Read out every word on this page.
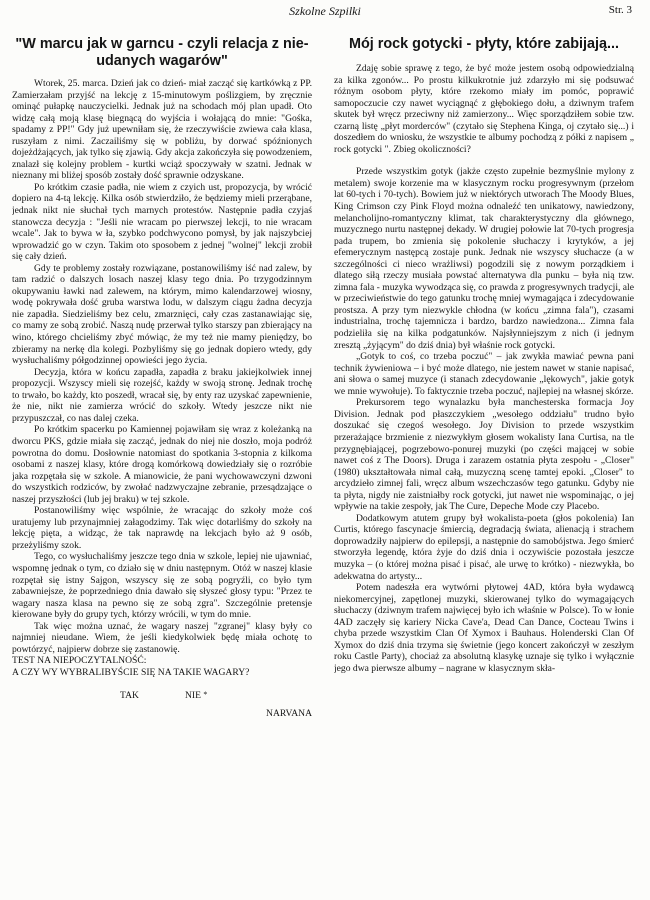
Szkolne Szpilki	Str. 3
"W marcu jak w garncu - czyli relacja z nie-udanych wagarów"

Wtorek, 25. marca. Dzień jak co dzień- miał zacząć się kartkówką z PP. Zamierzałam przyjść na lekcję z 15-minutowym poślizgiem, by zręcznie ominąć pułapkę nauczycielki. Jednak już na schodach mój plan upadł. Oto widzę całą moją klasę biegnącą do wyjścia i wołającą do mnie: "Gośka, spadamy z PP!" Gdy już upewniłam się, że rzeczywiście zwiewa cała klasa, ruszyłam z nimi. Zaczailiśmy się w pobliżu, by dorwać spóźnionych dojeżdżających, jak tylko się zjawią. Gdy akcja zakończyła się powodzeniem, znalazł się kolejny problem - kurtki wciąż spoczywały w szatni. Jednak w nieznany mi bliżej sposób zostały dość sprawnie odzyskane.

Po krótkim czasie padła, nie wiem z czyich ust, propozycja, by wrócić dopiero na 4-tą lekcję. Kilka osób stwierdziło, że będziemy mieli przerąbane, jednak nikt nie słuchał tych marnych protestów. Następnie padła czyjaś stanowcza decyzja : "Jeśli nie wracam po pierwszej lekcji, to nie wracam wcale". Jak to bywa w ła, szybko podchwycono pomysł, by jak najszybciej wprowadzić go w czyn. Takim oto sposobem z jednej "wolnej" lekcji zrobił się cały dzień.

Gdy te problemy zostały rozwiązane, postanowiliśmy iść nad zalew, by tam radzić o dalszych losach naszej klasy tego dnia. Po trzygodzinnym okupywaniu ławki nad zalewem, na którym, mimo kalendarzowej wiosny, wodę pokrywała dość gruba warstwa lodu, w dalszym ciągu żadna decyzja nie zapadła. Siedzieliśmy bez celu, zmarznięci, cały czas zastanawiając się, co mamy ze sobą zrobić. Naszą nudę przerwał tylko starszy pan zbierający na wino, którego chcieliśmy zbyć mówiąc, że my też nie mamy pieniędzy, bo zbieramy na nerkę dla kolegi. Pozbyliśmy się go jednak dopiero wtedy, gdy wysłuchaliśmy półgodzinnej opowieści jego życia.

Decyzja, która w końcu zapadła, zapadła z braku jakiejkolwiek innej propozycji. Wszyscy mieli się rozejść, każdy w swoją stronę. Jednak trochę to trwało, bo każdy, kto poszedł, wracał się, by enty raz uzyskać zapewnienie, że nie, nikt nie zamierza wrócić do szkoły. Wtedy jeszcze nikt nie przypuszczał, co nas dalej czeka.

Po krótkim spacerku po Kamiennej pojawiłam się wraz z koleżanką na dworcu PKS, gdzie miała się zacząć, jednak do niej nie doszło, moja podróż powrotna do domu. Dosłownie natomiast do spotkania 3-stopnia z kilkoma osobami z naszej klasy, które drogą komórkową dowiedziały się o rozróbie jaka rozpętała się w szkole. A mianowicie, że pani wychowawczyni dzwoni do wszystkich rodziców, by zwołać nadzwyczajne zebranie, przesądzające o naszej przyszłości (lub jej braku) w tej szkole.

Postanowiliśmy więc wspólnie, że wracając do szkoły może coś uratujemy lub przynajmniej załagodzimy. Tak więc dotarliśmy do szkoły na lekcję pięta, a widząc, że tak naprawdę na lekcjach było aż 9 osób, przeżyliśmy szok.

Tego, co wysłuchaliśmy jeszcze tego dnia w szkole, lepiej nie ujawniać, wspomnę jednak o tym, co działo się w dniu następnym. Otóż w naszej klasie rozpętał się istny Sajgon, wszyscy się ze sobą pogryźli, co było tym zabawniejsze, że poprzedniego dnia dawało się słyszeć głosy typu: "Przez te wagary nasza klasa na pewno się ze sobą zgra". Szczególnie pretensje kierowane były do grupy tych, którzy wrócili, w tym do mnie.

Tak więc można uznać, że wagary naszej "zgranej" klasy były co najmniej nieudane. Wiem, że jeśli kiedykolwiek będę miała ochotę to powtórzyć, najpierw dobrze się zastanowię.

TEST NA NIEPOCZYTALNOŚĆ:

A CZY WY WYBRALIBYŚCIE SIĘ NA TAKIE WAGARY?

TAK	NIE *
NARVANA
Mój rock gotycki - płyty, które zabijają...

Zdaję sobie sprawę z tego, że być może jestem osobą odpowiedzialną za kilka zgonów... Po prostu kilkukrotnie już zdarzyło mi się podsuwać różnym osobom płyty, które rzekomo miały im pomóc, poprawić samopoczucie czy nawet wyciągnąć z głębokiego dołu, a dziwnym trafem skutek był wręcz przeciwny niż zamierzony... Więc sporządziłem sobie tzw. czarną listę „płyt morderców" (czytało się Stephena Kinga, oj czytało się...) i doszedłem do wniosku, że wszystkie te albumy pochodzą z półki z napisem „ rock gotycki ". Zbieg okoliczności?

Przede wszystkim gotyk (jakże często zupełnie bezmyślnie mylony z metalem) swoje korzenie ma w klasycznym rocku progresywnym (przełom lat 60-tych i 70-tych). Bowiem już w niektórych utworach The Moody Blues, King Crimson czy Pink Floyd można odnaleźć ten unikatowy, nawiedzony, melancholijno-romantyczny klimat, tak charakterystyczny dla głównego, muzycznego nurtu następnej dekady. W drugiej połowie lat 70-tych progresja pada trupem, bo zmienia się pokolenie słuchaczy i krytyków, a jej efemerycznym następcą zostaje punk. Jednak nie wszyscy słuchacze (a w szczególności ci nieco wrażliwsi) pogodzili się z nowym porządkiem i dlatego siłą rzeczy musiała powstać alternatywa dla punku – była nią tzw. zimna fala - muzyka wywodząca się, co prawda z progresywnych tradycji, ale w przeciwieństwie do tego gatunku trochę mniej wymagająca i zdecydowanie prostsza. A przy tym niezwykle chłodna (w końcu „zimna fala"), czasami industrialna, trochę tajemnicza i bardzo, bardzo nawiedzona... Zimna fala podzieliła się na kilka podgatunków. Najsłynniejszym z nich (i jednym zresztą „żyjącym" do dziś dnia) był właśnie rock gotycki.

„Gotyk to coś, co trzeba poczuć" – jak zwykła mawiać pewna pani technik żywieniowa – i być może dlatego, nie jestem nawet w stanie napisać, ani słowa o samej muzyce (i stanach zdecydowanie „lękowych", jakie gotyk we mnie wywołuje). To faktycznie trzeba poczuć, najlepiej na własnej skórze.

Prekursorem tego wynalazku była manchesterska formacja Joy Division. Jednak pod płaszczykiem „wesołego oddziału" trudno było doszukać się czegoś wesołego. Joy Division to przede wszystkim przerażające brzmienie z niezwykłym głosem wokalisty Iana Curtisa, na tle przygnębiającej, pogrzebowo-ponurej muzyki (po części mającej w sobie nawet coś z The Doors). Druga i zarazem ostatnia płyta zespołu - „Closer" (1980) ukształtowała nimal całą, muzyczną scenę tamtej epoki. „Closer" to arcydzieło zimnej fali, wręcz album wszechczasów tego gatunku. Gdyby nie ta płyta, nigdy nie zaistniałby rock gotycki, jut nawet nie wspominając, o jej wpływie na takie zespoły, jak The Cure, Depeche Mode czy Placebo.

Dodatkowym atutem grupy był wokalista-poeta (głos pokolenia) Ian Curtis, którego fascynacje śmiercią, degradacją świata, alienacją i strachem doprowadziły najpierw do epilepsji, a następnie do samobójstwa. Jego śmierć stworzyła legendę, która żyje do dziś dnia i oczywiście pozostała jeszcze muzyka – (o której można pisać i pisać, ale urwę to krótko) - niezwykła, bo adekwatna do artysty...

Potem nadeszła era wytwórni płytowej 4AD, która była wydawcą niekomercyjnej, zapętlonej muzyki, skierowanej tylko do wymagających słuchaczy (dziwnym trafem najwięcej było ich właśnie w Polsce). To w łonie 4AD zaczęły się kariery Nicka Cave'a, Dead Can Dance, Cocteau Twins i chyba przede wszystkim Clan Of Xymox i Bauhaus. Holenderski Clan Of Xymox do dziś dnia trzyma się świetnie (jego koncert zakończył w zeszłym roku Castle Party), chociaż za absolutną klasykę uznaje się tylko i wyłącznie jego dwa pierwsze albumy – nagrane w klasycznym skła-
